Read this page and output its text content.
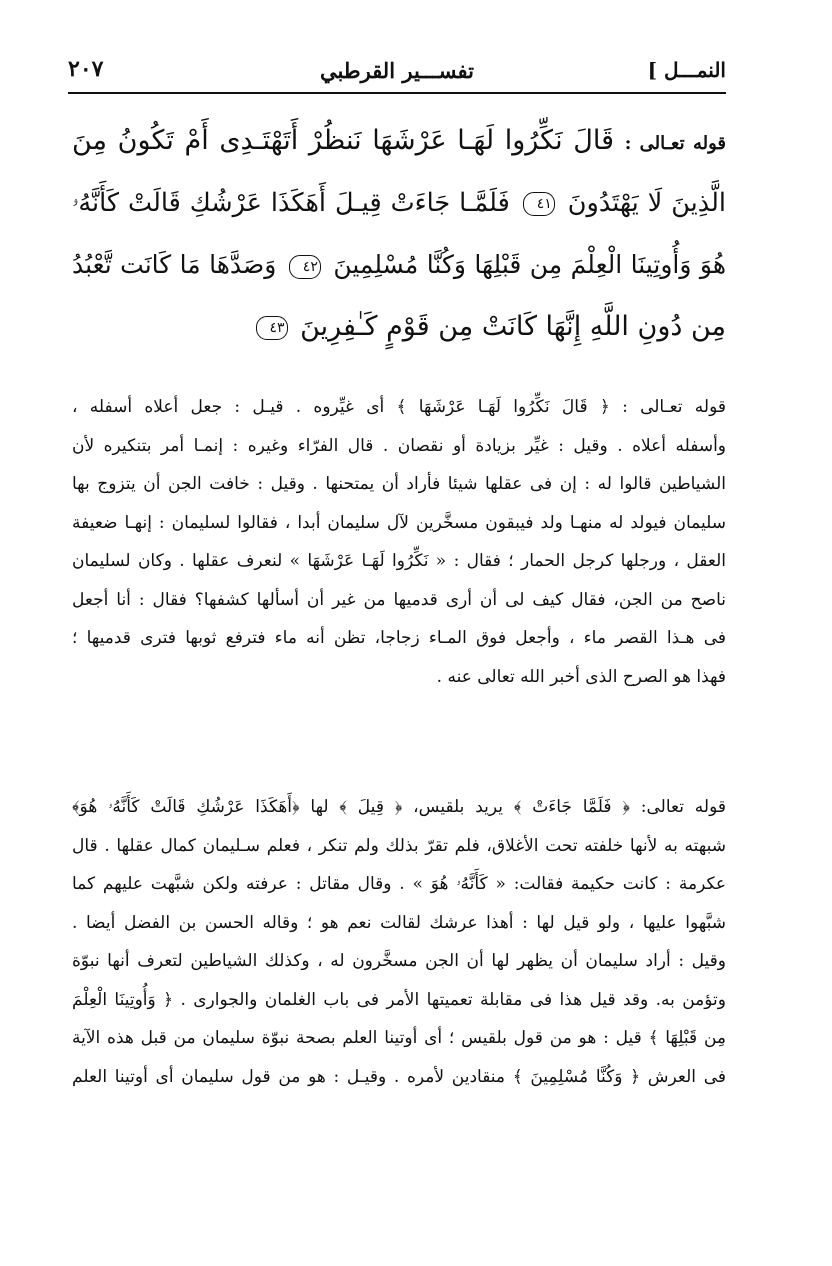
النمـــل ]
تفســـير القرطبي
٢٠٧
قوله تعـالى : قَالَ نَكِّرُوا لَهَـا عَرْشَهَا نَنظُرْ أَتَهْتَـدِى أَمْ تَكُونُ مِنَ
الَّذِينَ لَا يَهْتَدُونَ ٤١ فَلَمَّـا جَاءَتْ قِيـلَ أَهَكَذَا عَرْشُكِ قَالَتْ كَأَنَّهُۥ
هُوَ وَأُوتِينَا الْعِلْمَ مِن قَبْلِهَا وَكُنَّا مُسْلِمِينَ ٤٢ وَصَدَّهَا مَا كَانَت تَّعْبُدُ
مِن دُونِ اللَّهِ إِنَّهَا كَانَتْ مِن قَوْمٍ كَـٰفِرِينَ ٤٣
قوله تعـالى : ﴿ قَالَ نَكِّرُوا لَهَـا عَرْشَهَا ﴾ أى غيِّروه . قيـل : جعل أعلاه أسفله ،
وأسفله أعلاه . وقيل : غيِّر بزيادة أو نقصان . قال الفرّاء وغيره : إنمـا أمر بتنكيره لأن
الشياطين قالوا له : إن فى عقلها شيئا فأراد أن يمتحنها . وقيل : خافت الجن أن يتزوج بها
سليمان فيولد له منهـا ولد فيبقون مسخَّرين لآل سليمان أبدا ، فقالوا لسليمان : إنهـا ضعيفة
العقل ، ورجلها كرجل الحمار ؛ فقال : « نَكِّرُوا لَهَـا عَرْشَهَا » لنعرف عقلها . وكان لسليمان
ناصح من الجن، فقال كيف لى أن أرى قدميها من غير أن أسألها كشفها؟ فقال : أنا أجعل
فى هـذا القصر ماء ، وأجعل فوق المـاء زجاجا، تظن أنه ماء فترفع ثوبها فترى قدميها ؛
فهذا هو الصرح الذى أخبر الله تعالى عنه .
قوله تعالى: ﴿ فَلَمَّا جَاءَتْ ﴾ يريد بلقيس، ﴿ قِيلَ ﴾ لها ﴿أَهَكَذَا عَرْشُكِ قَالَتْ كَأَنَّهُۥ هُوَ﴾
شبهته به لأنها خلفته تحت الأغلاق، فلم تقرّ بذلك ولم تنكر ، فعلم سـليمان كمال عقلها . قال
عكرمة : كانت حكيمة فقالت: « كَأَنَّهُۥ هُوَ » . وقال مقاتل : عرفته ولكن شبَّهت عليهم كما
شبَّهوا عليها ، ولو قيل لها : أهذا عرشك لقالت نعم هو ؛ وقاله الحسن بن الفضل أيضا .
وقيل : أراد سليمان أن يظهر لها أن الجن مسخَّرون له ، وكذلك الشياطين لتعرف أنها نبوّة
وتؤمن به. وقد قيل هذا فى مقابلة تعميتها الأمر فى باب الغلمان والجوارى . ﴿ وَأُوتِينَا الْعِلْمَ
مِن قَبْلِهَا ﴾ قيل : هو من قول بلقيس ؛ أى أوتينا العلم بصحة نبوّة سليمان من قبل هذه الآية
فى العرش ﴿ وَكُنَّا مُسْلِمِينَ ﴾ منقادين لأمره . وقيـل : هو من قول سليمان أى أوتينا العلم
